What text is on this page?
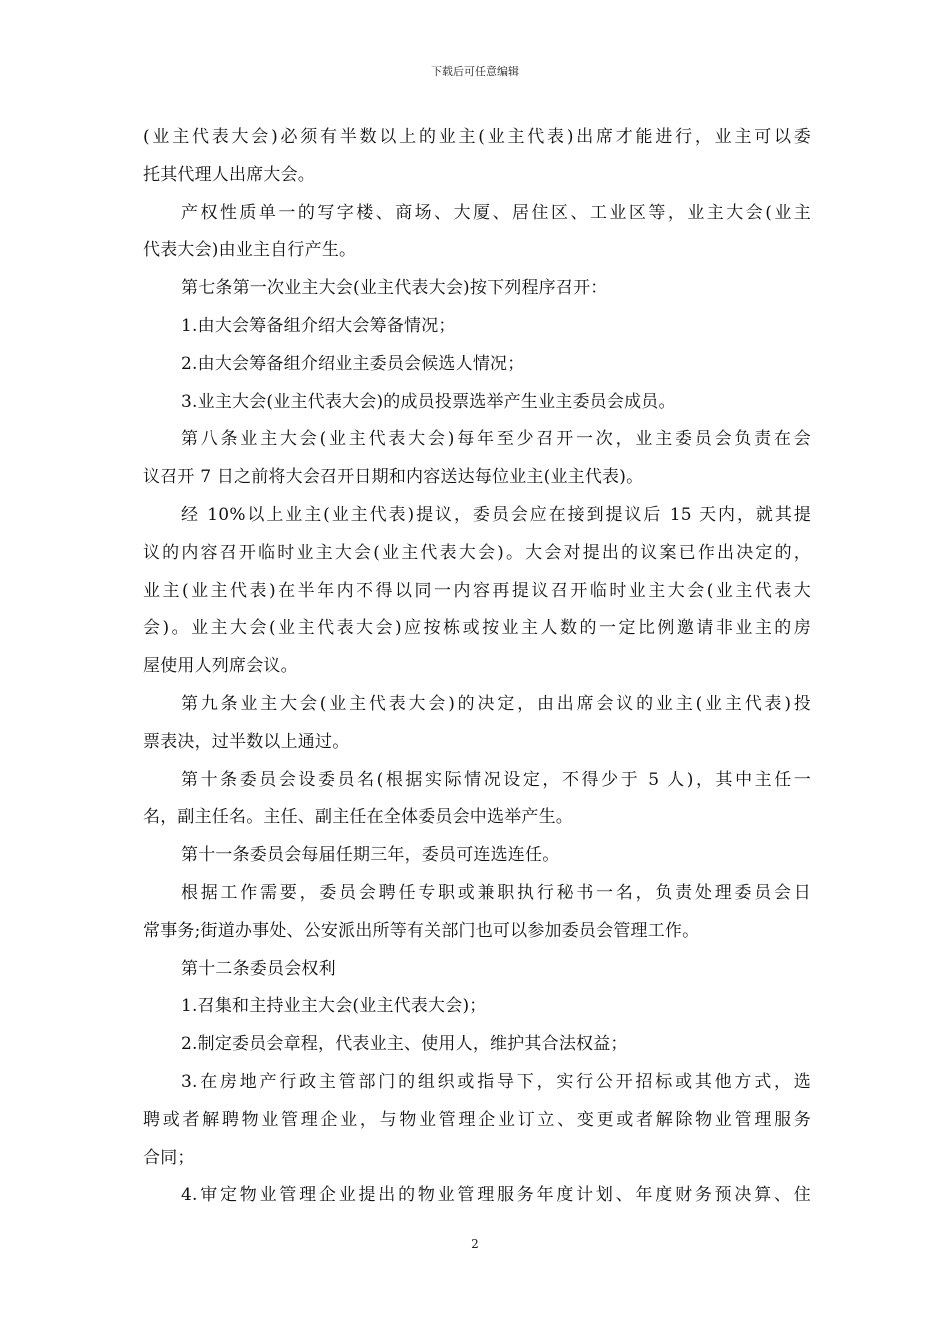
下载后可任意编辑
(业主代表大会)必须有半数以上的业主(业主代表)出席才能进行，业主可以委
托其代理人出席大会。
产权性质单一的写字楼、商场、大厦、居住区、工业区等，业主大会(业主
代表大会)由业主自行产生。
第七条第一次业主大会(业主代表大会)按下列程序召开：
1.由大会筹备组介绍大会筹备情况；
2.由大会筹备组介绍业主委员会候选人情况；
3.业主大会(业主代表大会)的成员投票选举产生业主委员会成员。
第八条业主大会(业主代表大会)每年至少召开一次，业主委员会负责在会
议召开 7 日之前将大会召开日期和内容送达每位业主(业主代表)。
经 10%以上业主(业主代表)提议，委员会应在接到提议后 15 天内，就其提
议的内容召开临时业主大会(业主代表大会)。大会对提出的议案已作出决定的，
业主(业主代表)在半年内不得以同一内容再提议召开临时业主大会(业主代表大
会)。业主大会(业主代表大会)应按栋或按业主人数的一定比例邀请非业主的房
屋使用人列席会议。
第九条业主大会(业主代表大会)的决定，由出席会议的业主(业主代表)投
票表决，过半数以上通过。
第十条委员会设委员名(根据实际情况设定，不得少于 5 人)，其中主任一
名，副主任名。主任、副主任在全体委员会中选举产生。
第十一条委员会每届任期三年，委员可连选连任。
根据工作需要，委员会聘任专职或兼职执行秘书一名，负责处理委员会日
常事务;街道办事处、公安派出所等有关部门也可以参加委员会管理工作。
第十二条委员会权利
1.召集和主持业主大会(业主代表大会)；
2.制定委员会章程，代表业主、使用人，维护其合法权益；
3.在房地产行政主管部门的组织或指导下，实行公开招标或其他方式，选
聘或者解聘物业管理企业，与物业管理企业订立、变更或者解除物业管理服务
合同；
4.审定物业管理企业提出的物业管理服务年度计划、年度财务预决算、住
2
